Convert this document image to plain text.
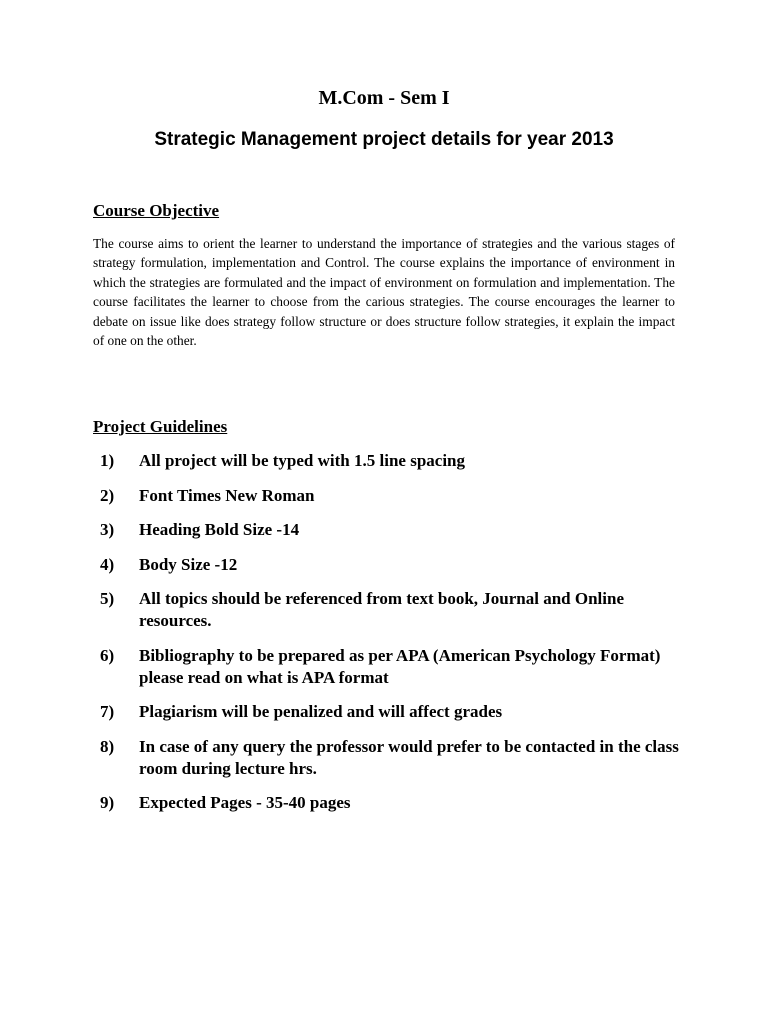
M.Com - Sem I
Strategic Management project details for year 2013
Course Objective

The course aims to orient the learner to understand the importance of strategies and the various stages of strategy formulation, implementation and Control. The course explains the importance of environment in which the strategies are formulated and the impact of environment on formulation and implementation. The course facilitates the learner to choose from the carious strategies. The course encourages the learner to debate on issue like does strategy follow structure or does structure follow strategies, it explain the impact of one on the other.

Project Guidelines
1)	All project will be typed with 1.5 line spacing
2)	Font Times New Roman
3)	Heading Bold Size -14
4)	Body Size -12
5)	All topics should be referenced from text book, Journal and Online resources.
6)	Bibliography to be prepared as per APA (American Psychology Format) please read on what is APA format
7)	Plagiarism will be penalized and will affect grades
8)	In case of any query the professor would prefer to be contacted in the class room during lecture hrs.
9)	Expected Pages - 35-40 pages
